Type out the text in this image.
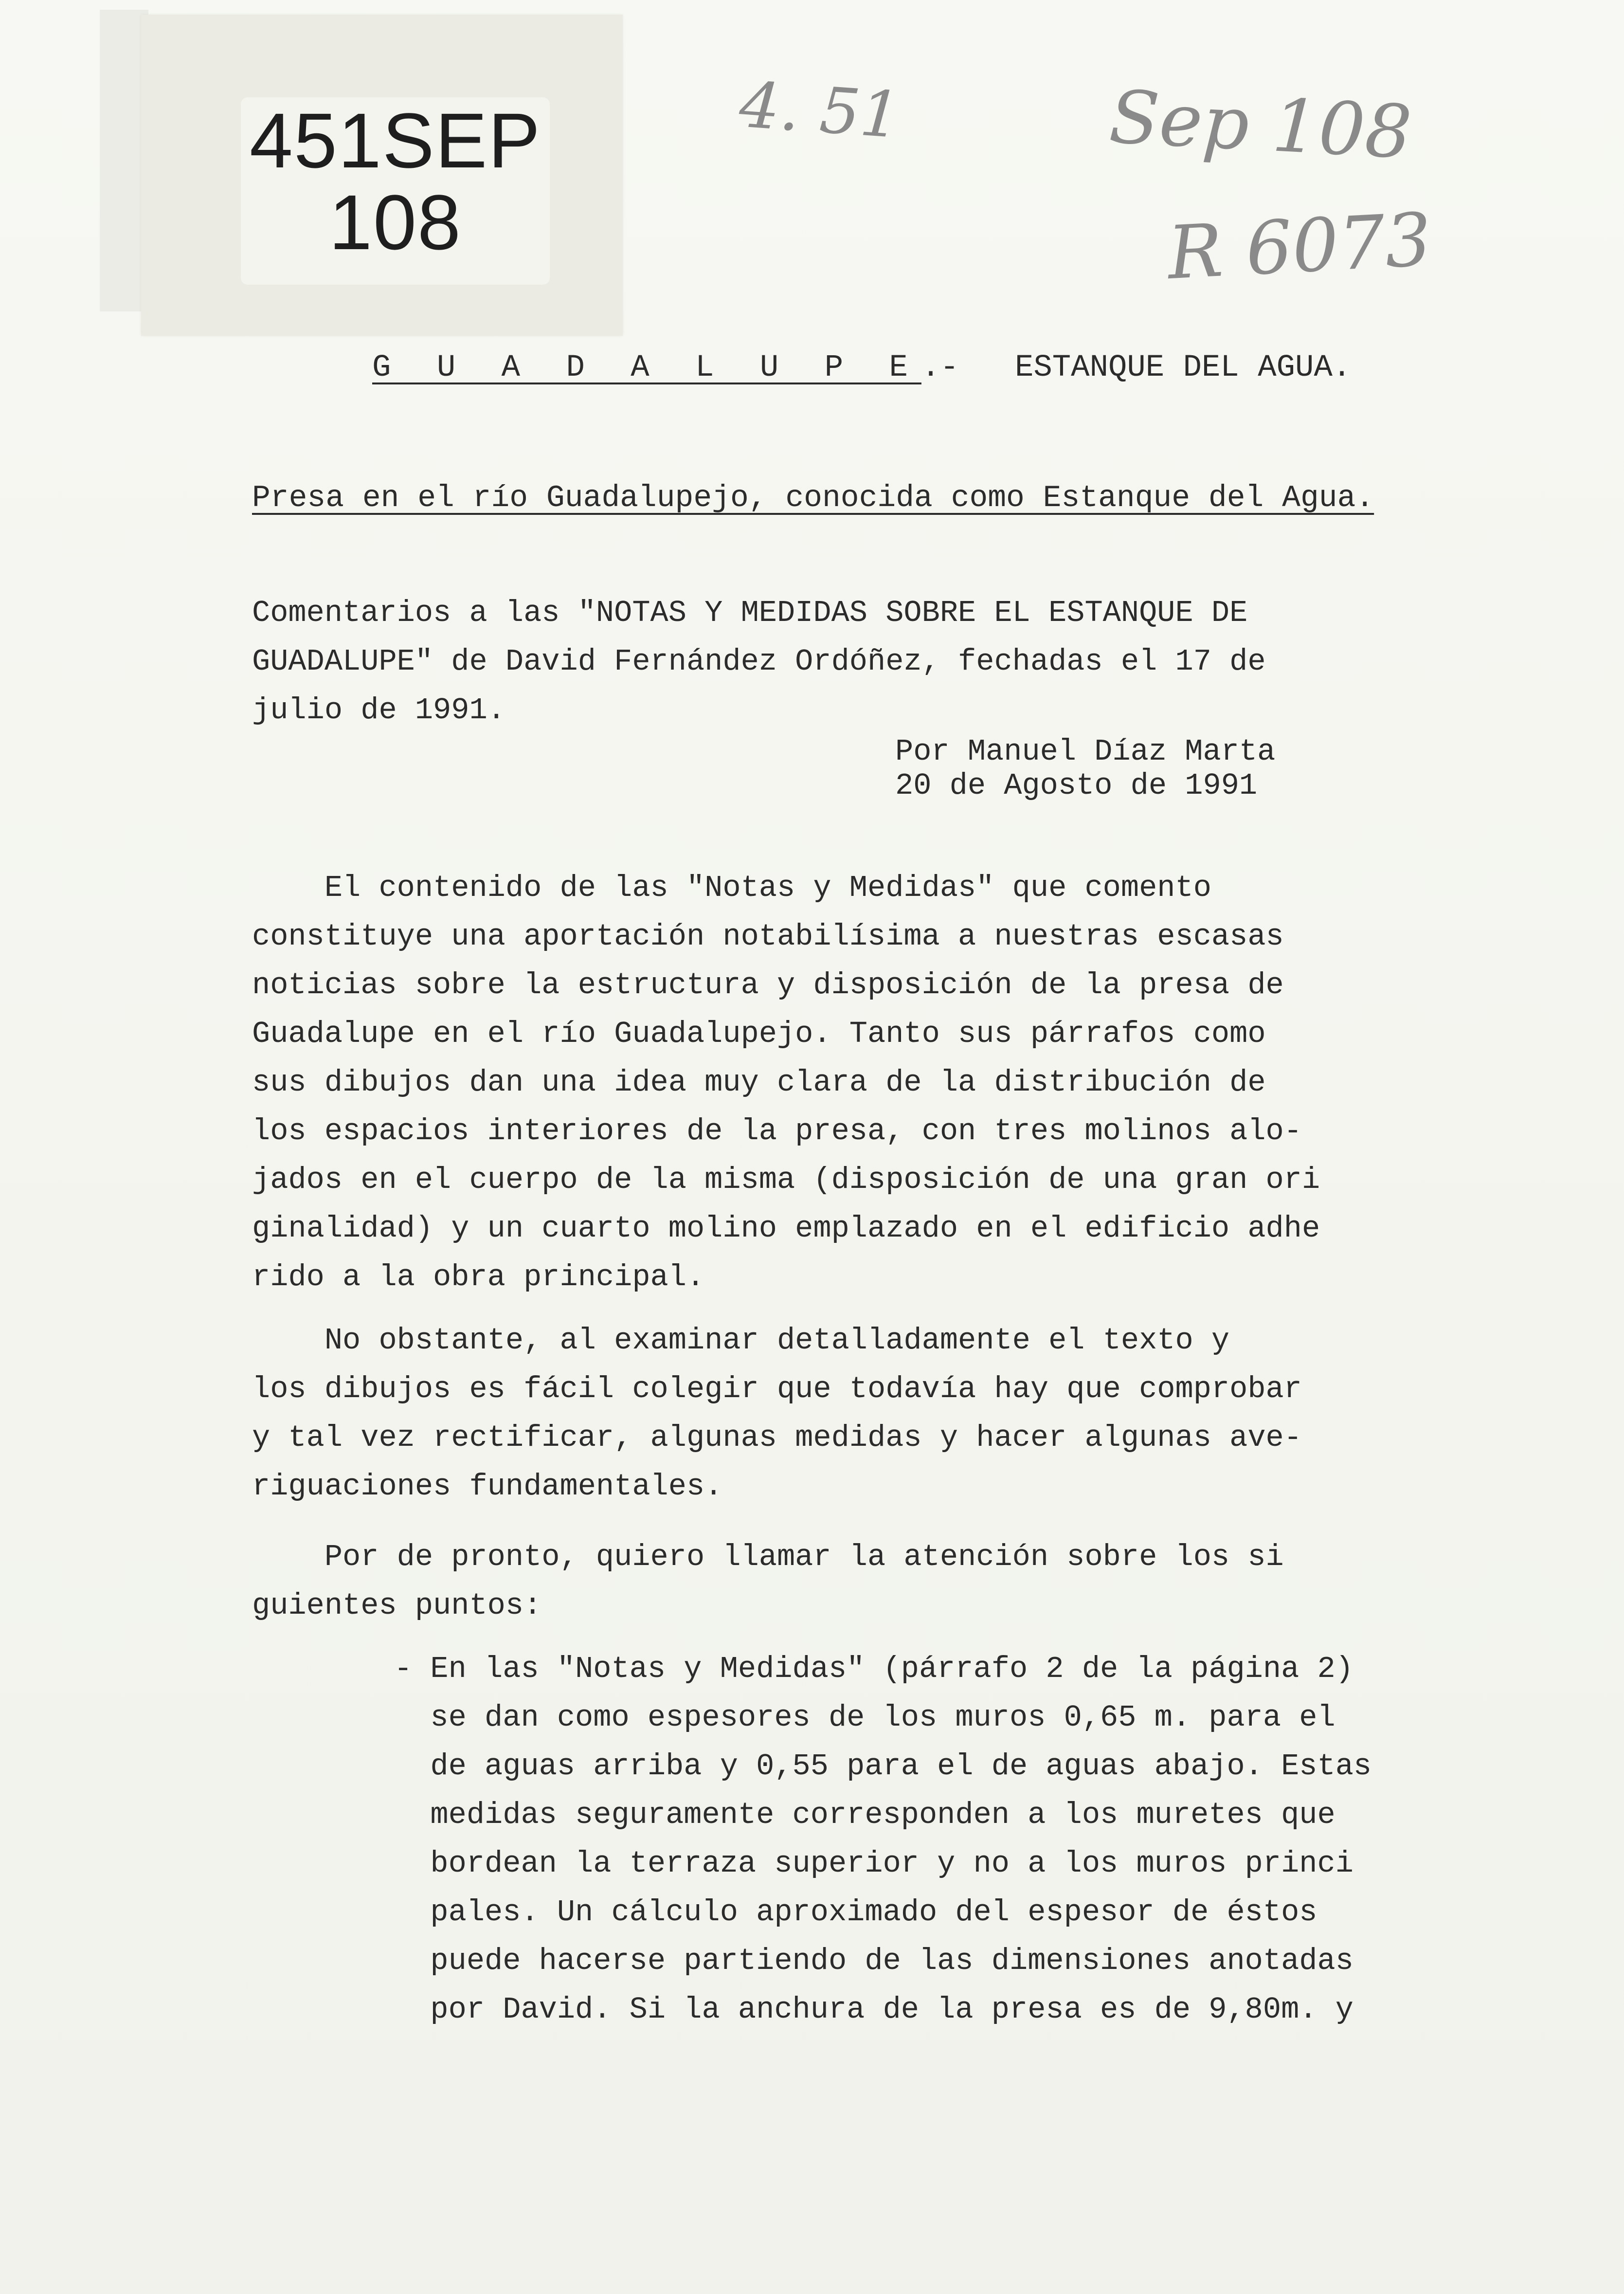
451SEP
108
4. 51	Sep 108
R 6073
G U A D A L U P E.- ESTANQUE DEL AGUA.
Presa en el río Guadalupejo, conocida como Estanque del Agua.
Comentarios a las "NOTAS Y MEDIDAS SOBRE EL ESTANQUE DE
GUADALUPE" de David Fernández Ordóñez, fechadas el 17 de
julio de 1991.
Por Manuel Díaz Marta
20 de Agosto de 1991
El contenido de las "Notas y Medidas" que comento
constituye una aportación notabilísima a nuestras escasas
noticias sobre la estructura y disposición de la presa de
Guadalupe en el río Guadalupejo. Tanto sus párrafos como
sus dibujos dan una idea muy clara de la distribución de
los espacios interiores de la presa, con tres molinos alo-
jados en el cuerpo de la misma (disposición de una gran ori
ginalidad) y un cuarto molino emplazado en el edificio adhe
rido a la obra principal.
No obstante, al examinar detalladamente el texto y
los dibujos es fácil colegir que todavía hay que comprobar
y tal vez rectificar, algunas medidas y hacer algunas ave-
riguaciones fundamentales.
Por de pronto, quiero llamar la atención sobre los si
guientes puntos:
- En las "Notas y Medidas" (párrafo 2 de la página 2)
se dan como espesores de los muros 0,65 m. para el
de aguas arriba y 0,55 para el de aguas abajo. Estas
medidas seguramente corresponden a los muretes que
bordean la terraza superior y no a los muros princi
pales. Un cálculo aproximado del espesor de éstos
puede hacerse partiendo de las dimensiones anotadas
por David. Si la anchura de la presa es de 9,80m. y
